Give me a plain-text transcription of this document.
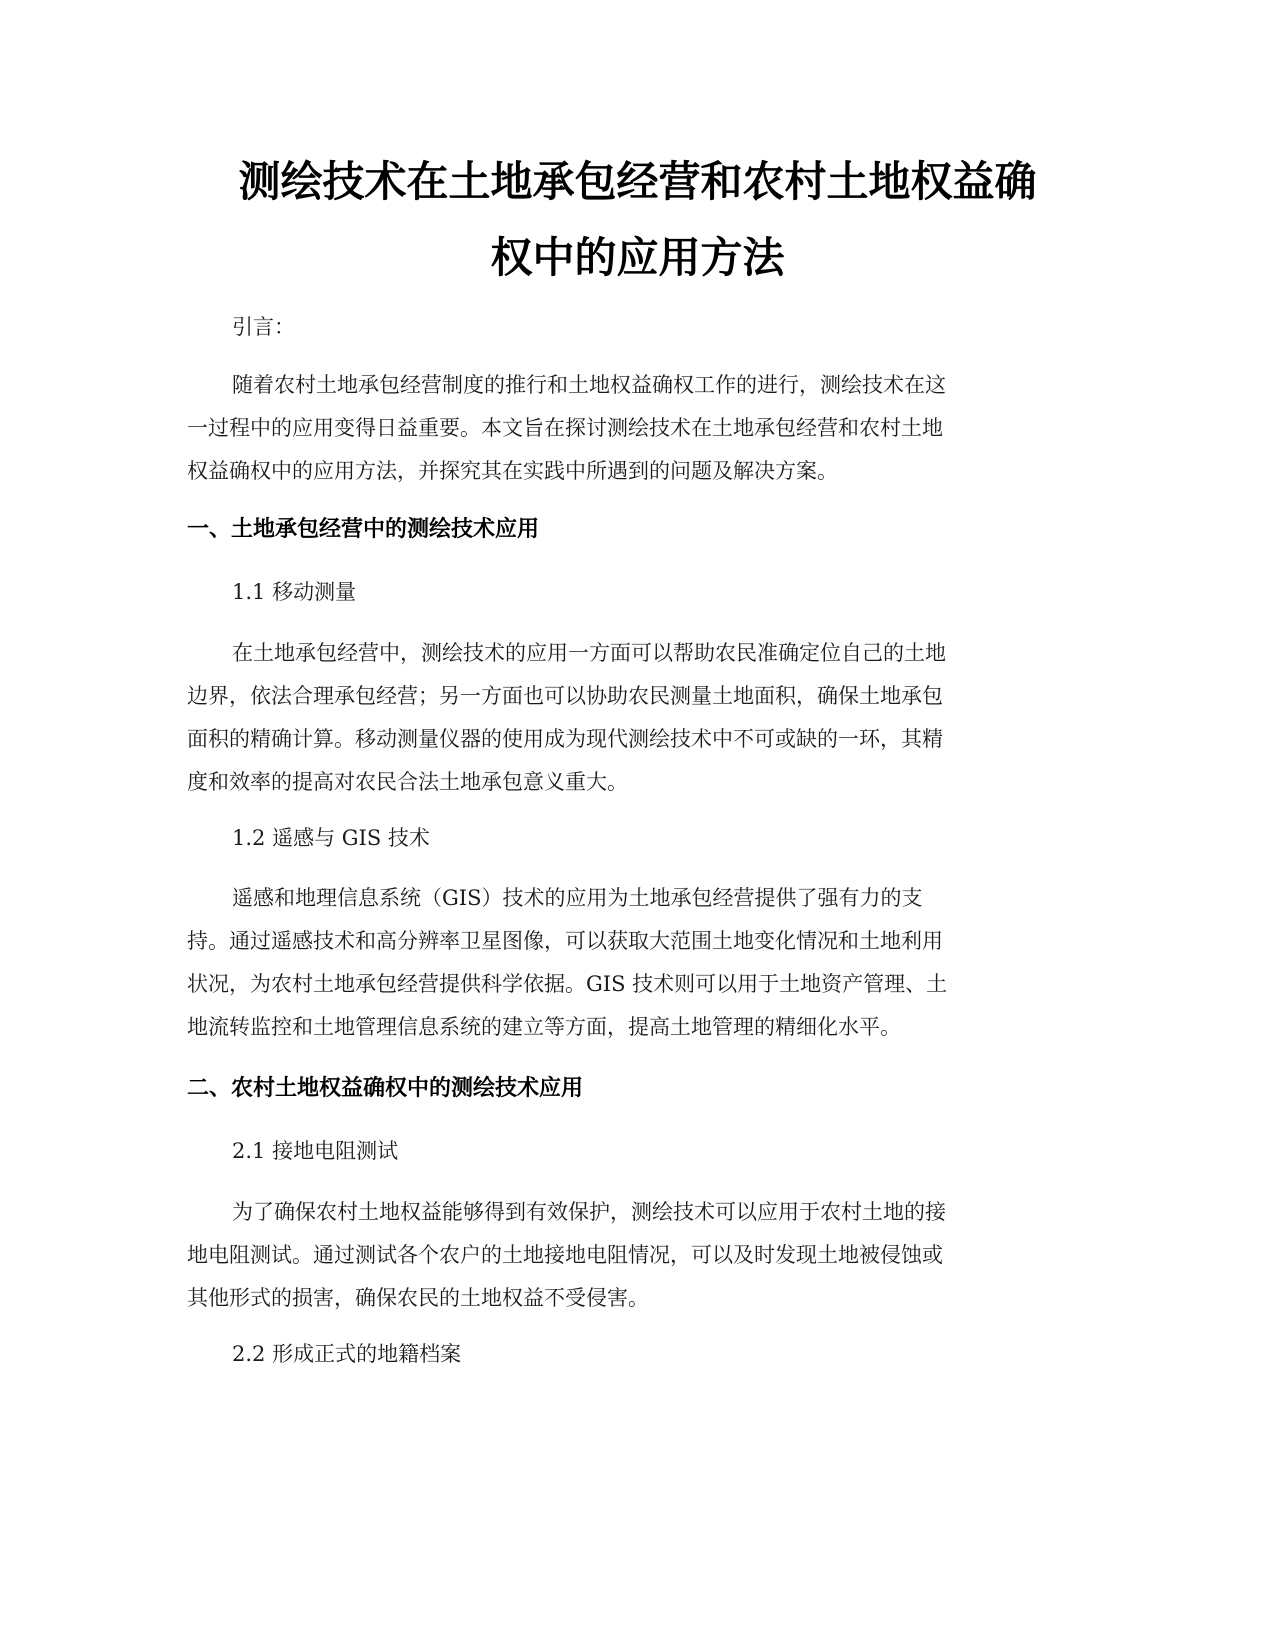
测绘技术在土地承包经营和农村土地权益确
权中的应用方法

引言：

随着农村土地承包经营制度的推行和土地权益确权工作的进行，测绘技术在这
一过程中的应用变得日益重要。本文旨在探讨测绘技术在土地承包经营和农村土地
权益确权中的应用方法，并探究其在实践中所遇到的问题及解决方案。
一、土地承包经营中的测绘技术应用

1.1 移动测量

在土地承包经营中，测绘技术的应用一方面可以帮助农民准确定位自己的土地
边界，依法合理承包经营；另一方面也可以协助农民测量土地面积，确保土地承包
面积的精确计算。移动测量仪器的使用成为现代测绘技术中不可或缺的一环，其精
度和效率的提高对农民合法土地承包意义重大。

1.2 遥感与 GIS 技术

遥感和地理信息系统（GIS）技术的应用为土地承包经营提供了强有力的支
持。通过遥感技术和高分辨率卫星图像，可以获取大范围土地变化情况和土地利用
状况，为农村土地承包经营提供科学依据。GIS 技术则可以用于土地资产管理、土
地流转监控和土地管理信息系统的建立等方面，提高土地管理的精细化水平。
二、农村土地权益确权中的测绘技术应用

2.1 接地电阻测试

为了确保农村土地权益能够得到有效保护，测绘技术可以应用于农村土地的接
地电阻测试。通过测试各个农户的土地接地电阻情况，可以及时发现土地被侵蚀或
其他形式的损害，确保农民的土地权益不受侵害。

2.2 形成正式的地籍档案
